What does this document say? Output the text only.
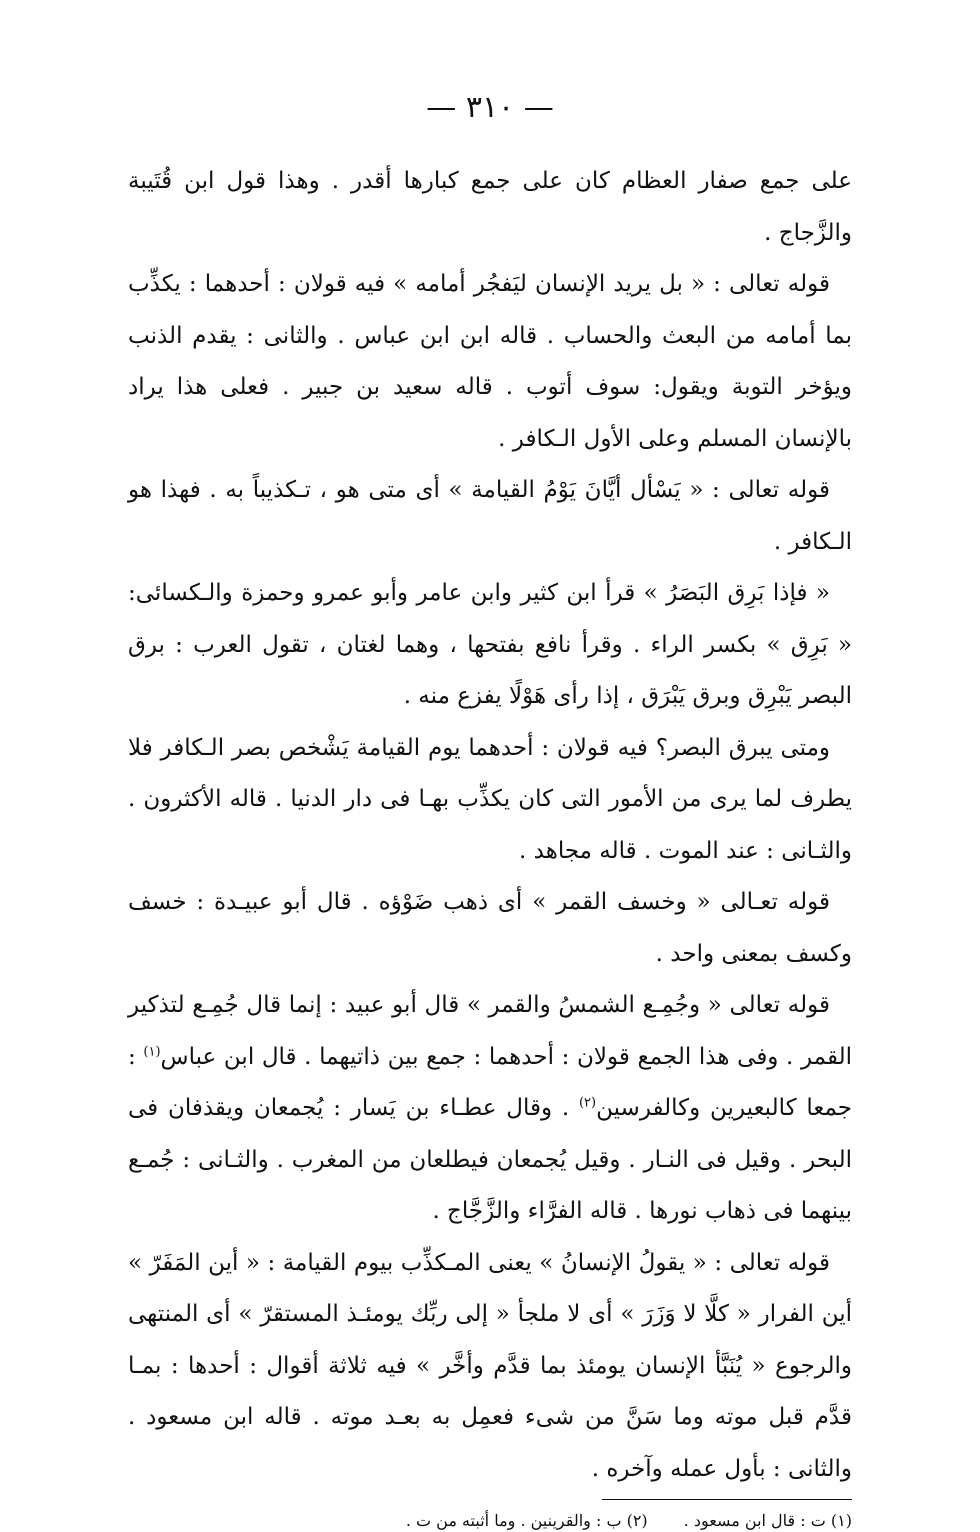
— ٣١٠ —

على جمع صفار العظام كان على جمع كبارها أقدر . وهذا قول ابن قُتَيبة والزَّجاج .

قوله تعالى : « بل يريد الإنسان ليَفجُر أمامه » فيه قولان : أحدهما : يكذِّب بما أمامه من البعث والحساب . قاله ابن ابن عباس . والثانى : يقدم الذنب ويؤخر التوبة ويقول: سوف أتوب . قاله سعيد بن جبير . فعلى هذا يراد بالإنسان المسلم وعلى الأول الـكافر .

قوله تعالى : « يَسْأل أيَّانَ يَوْمُ القيامة » أى متى هو ، تـكذيباً به . فهذا هو الـكافر .

« فإذا بَرِق البَصَرُ » قرأ ابن كثير وابن عامر وأبو عمرو وحمزة والـكسائى: « بَرِق » بكسر الراء . وقرأ نافع بفتحها ، وهما لغتان ، تقول العرب : برق البصر يَبْرِق وبرق يَبْرَق ، إذا رأى هَوْلًا يفزع منه .

ومتى يبرق البصر؟ فيه قولان : أحدهما يوم القيامة يَشْخص بصر الـكافر فلا يطرف لما يرى من الأمور التى كان يكذِّب بهـا فى دار الدنيا . قاله الأكثرون . والثـانى : عند الموت . قاله مجاهد .

قوله تعـالى « وخسف القمر » أى ذهب ضَوْؤه . قال أبو عبيـدة : خسف وكسف بمعنى واحد .

قوله تعالى « وجُمِـع الشمسُ والقمر » قال أبو عبيد : إنما قال جُمِـع لتذكير القمر . وفى هذا الجمع قولان : أحدهما : جمع بين ذاتيهما . قال ابن عباس$^{(١)}$ : جمعا كالبعيرين وكالفرسين$^{(٢)}$ . وقال عطـاء بن يَسار : يُجمعان ويقذفان فى البحر . وقيل فى النـار . وقيل يُجمعان فيطلعان من المغرب . والثـانى : جُمـع بينهما فى ذهاب نورها . قاله الفرَّاء والزَّجَّاج .

قوله تعالى : « يقولُ الإنسانُ » يعنى المـكذِّب بيوم القيامة : « أين المَفَرّ » أين الفرار « كلَّا لا وَزَرَ » أى لا ملجأ « إلى ربِّك يومئـذ المستقرّ » أى المنتهى والرجوع « يُنَبَّأ الإنسان يومئذ بما قدَّم وأخَّر » فيه ثلاثة أقوال : أحدها : بمـا قدَّم قبل موته وما سَنَّ من شىء فعمِل به بعـد موته . قاله ابن مسعود . والثانى : بأول عمله وآخره .

(١) ت : قال ابن مسعود .
(٢) ب : والقرينين . وما أثبته من ت .
